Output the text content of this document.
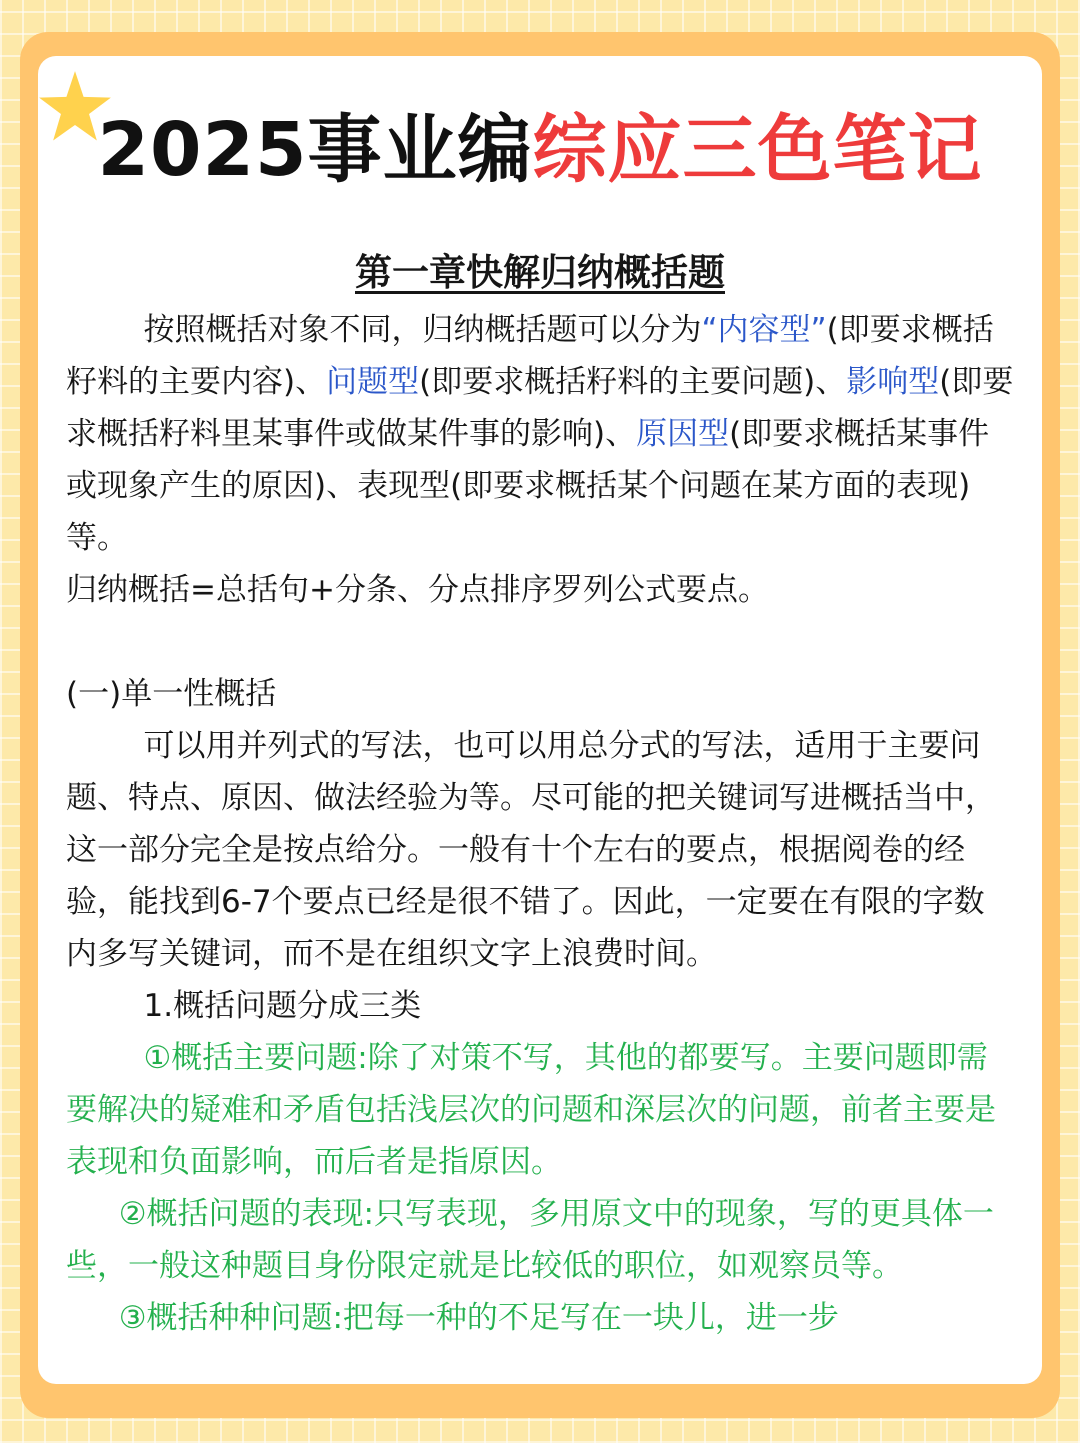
2025事业编综应三色笔记

第一章快解归纳概括题

按照概括对象不同，归纳概括题可以分为“内容型”(即要求概括籽料的主要内容)、问题型(即要求概括籽料的主要问题)、影响型(即要求概括籽料里某事件或做某件事的影响)、原因型(即要求概括某事件或现象产生的原因)、表现型(即要求概括某个问题在某方面的表现)等。

归纳概括=总括句+分条、分点排序罗列公式要点。

(一)单一性概括

可以用并列式的写法，也可以用总分式的写法，适用于主要问题、特点、原因、做法经验为等。尽可能的把关键词写进概括当中，这一部分完全是按点给分。一般有十个左右的要点，根据阅卷的经验，能找到6-7个要点已经是很不错了。因此，一定要在有限的字数内多写关键词，而不是在组织文字上浪费时间。

1.概括问题分成三类

①概括主要问题:除了对策不写，其他的都要写。主要问题即需要解决的疑难和矛盾包括浅层次的问题和深层次的问题，前者主要是表现和负面影响，而后者是指原因。

②概括问题的表现:只写表现，多用原文中的现象，写的更具体一些，一般这种题目身份限定就是比较低的职位，如观察员等。

③概括种种问题:把每一种的不足写在一块儿，进一步
